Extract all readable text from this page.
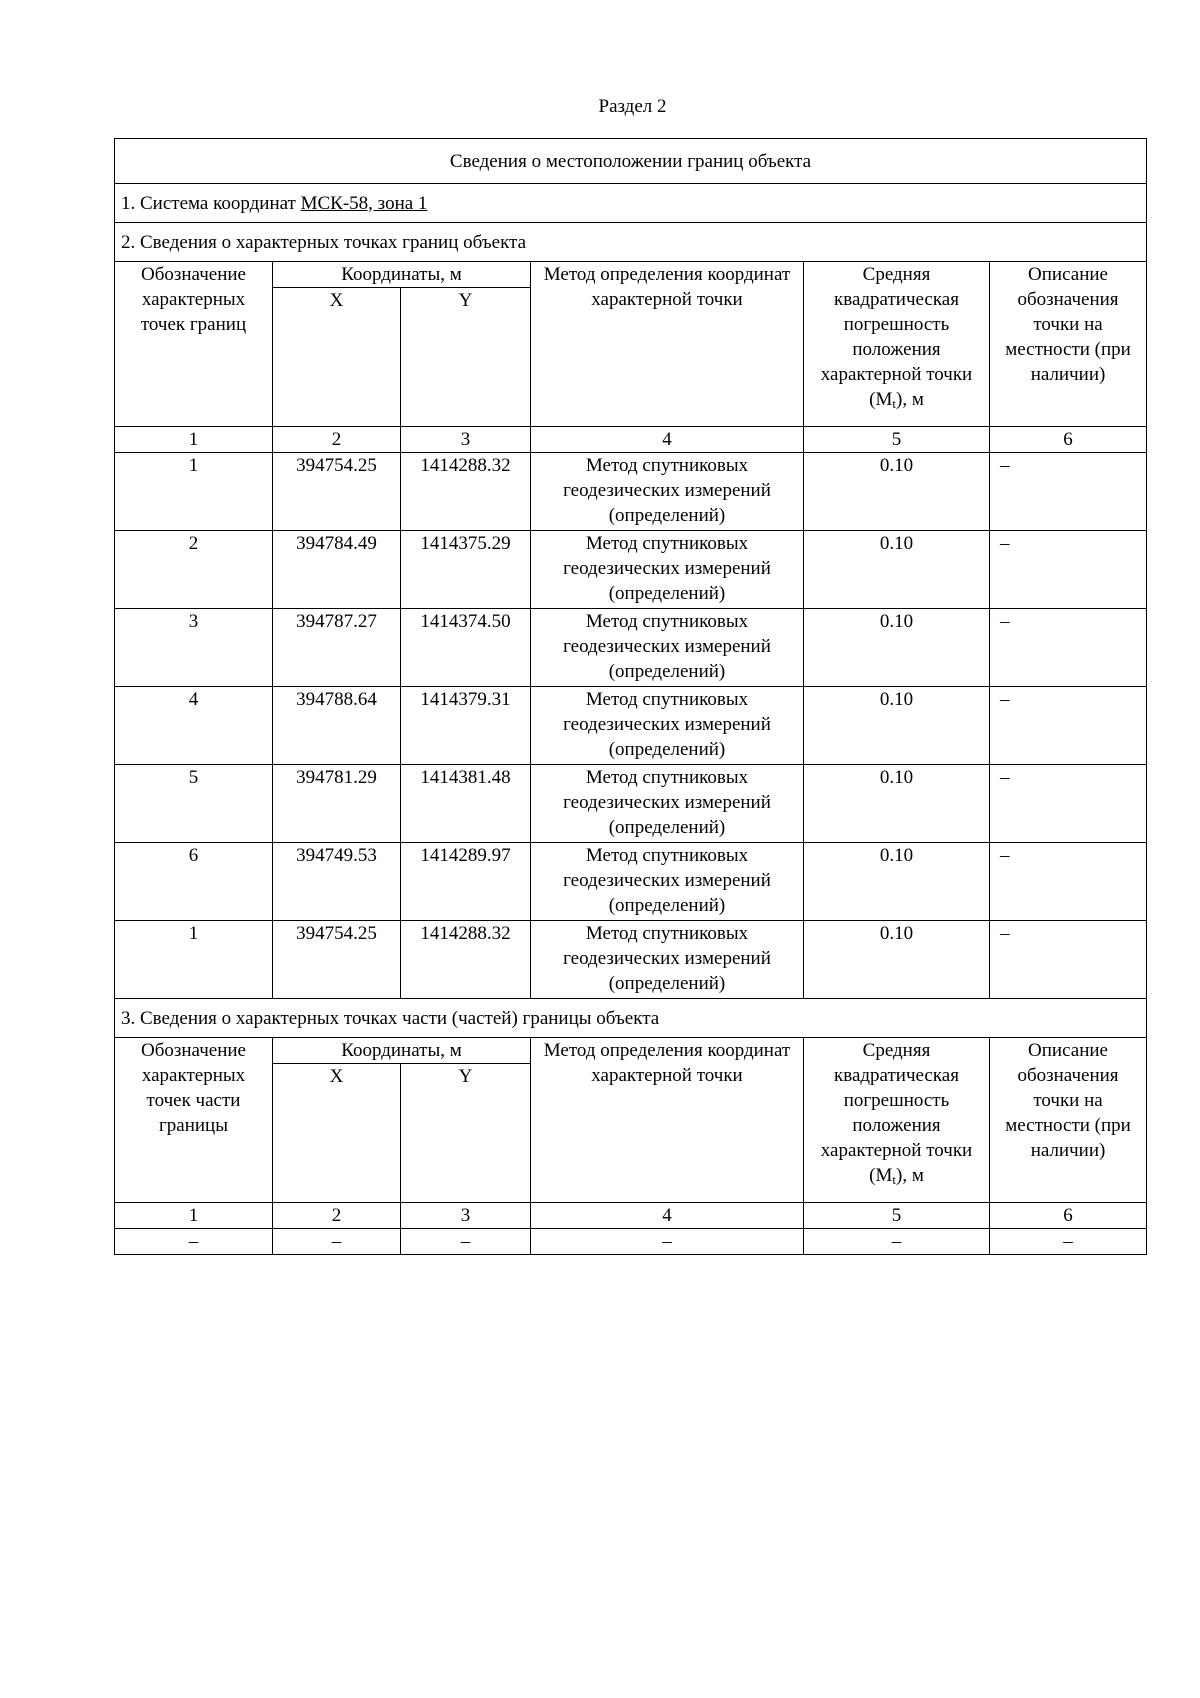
Раздел 2
Сведения о местоположении границ объекта					
1. Система координат МСК-58, зона 1					
2. Сведения о характерных точках границ объекта					
Обозначение характерных точек границ	Координаты, м		Метод определения координат характерной точки	Средняя квадратическая погрешность положения характерной точки $(M_t)$, м	Описание обозначения точки на местности (при наличии)
	X	Y			
1	2	3	4	5	6
1	394754.25	1414288.32	Метод спутниковых геодезических измерений (определений)	0.10	–
2	394784.49	1414375.29	Метод спутниковых геодезических измерений (определений)	0.10	–
3	394787.27	1414374.50	Метод спутниковых геодезических измерений (определений)	0.10	–
4	394788.64	1414379.31	Метод спутниковых геодезических измерений (определений)	0.10	–
5	394781.29	1414381.48	Метод спутниковых геодезических измерений (определений)	0.10	–
6	394749.53	1414289.97	Метод спутниковых геодезических измерений (определений)	0.10	–
1	394754.25	1414288.32	Метод спутниковых геодезических измерений (определений)	0.10	–
3. Сведения о характерных точках части (частей) границы объекта					
Обозначение характерных точек части границы	Координаты, м		Метод определения координат характерной точки	Средняя квадратическая погрешность положения характерной точки $(M_t)$, м	Описание обозначения точки на местности (при наличии)
	X	Y			
1	2	3	4	5	6
–	–	–	–	–	–
